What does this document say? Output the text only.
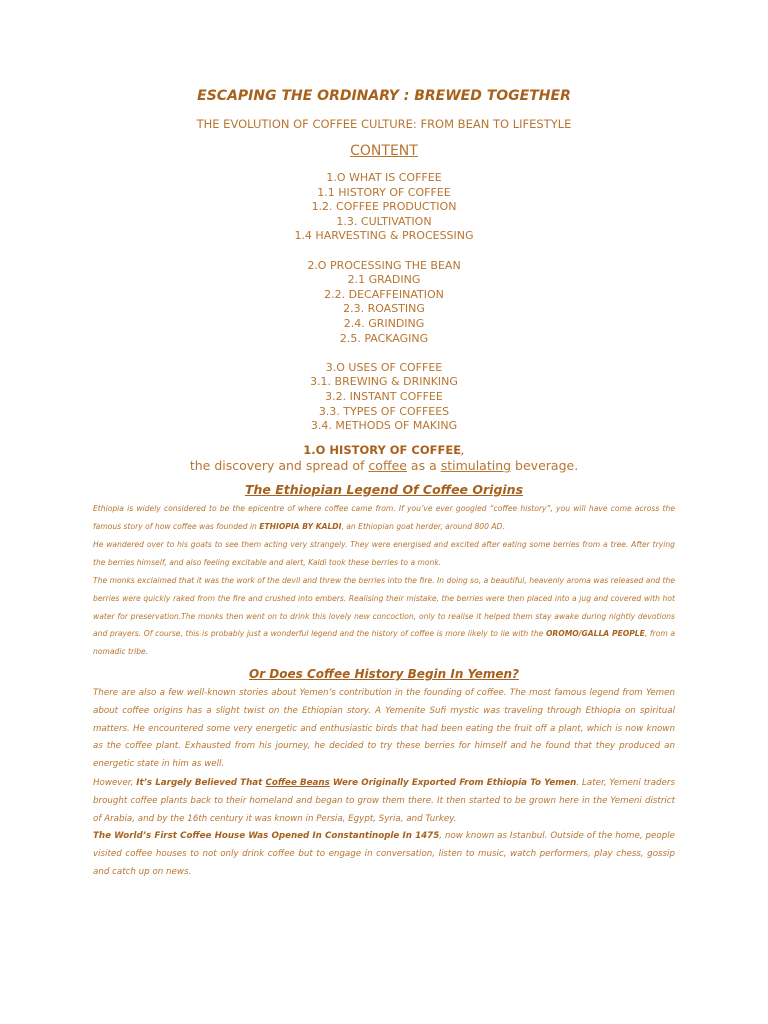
ESCAPING THE ORDINARY : BREWED TOGETHER
THE EVOLUTION OF COFFEE CULTURE: FROM BEAN TO LIFESTYLE
CONTENT
1.O WHAT IS COFFEE
1.1 HISTORY OF COFFEE
1.2. COFFEE PRODUCTION
1.3. CULTIVATION
1.4 HARVESTING & PROCESSING
2.O PROCESSING THE BEAN
2.1 GRADING
2.2. DECAFFEINATION
2.3. ROASTING
2.4. GRINDING
2.5. PACKAGING
3.O USES OF COFFEE
3.1. BREWING & DRINKING
3.2. INSTANT COFFEE
3.3. TYPES OF COFFEES
3.4. METHODS OF MAKING
1.O HISTORY OF COFFEE,
the discovery and spread of coffee as a stimulating beverage.
The Ethiopian Legend Of Coffee Origins
Ethiopia is widely considered to be the epicentre of where coffee came from. If you’ve ever googled “coffee history”, you will have come across the famous story of how coffee was founded in ETHIOPIA BY KALDI, an Ethiopian goat herder, around 800 AD.
He wandered over to his goats to see them acting very strangely. They were energised and excited after eating some berries from a tree. After trying the berries himself, and also feeling excitable and alert, Kaldi took these berries to a monk.
The monks exclaimed that it was the work of the devil and threw the berries into the fire. In doing so, a beautiful, heavenly aroma was released and the berries were quickly raked from the fire and crushed into embers. Realising their mistake, the berries were then placed into a jug and covered with hot water for preservation.The monks then went on to drink this lovely new concoction, only to realise it helped them stay awake during nightly devotions and prayers. Of course, this is probably just a wonderful legend and the history of coffee is more likely to lie with the OROMO/GALLA PEOPLE, from a nomadic tribe.
Or Does Coffee History Begin In Yemen?
There are also a few well-known stories about Yemen’s contribution in the founding of coffee. The most famous legend from Yemen about coffee origins has a slight twist on the Ethiopian story. A Yemenite Sufi mystic was traveling through Ethiopia on spiritual matters. He encountered some very energetic and enthusiastic birds that had been eating the fruit off a plant, which is now known as the coffee plant. Exhausted from his journey, he decided to try these berries for himself and he found that they produced an energetic state in him as well.
However, It’s Largely Believed That Coffee Beans Were Originally Exported From Ethiopia To Yemen. Later, Yemeni traders brought coffee plants back to their homeland and began to grow them there. It then started to be grown here in the Yemeni district of Arabia, and by the 16th century it was known in Persia, Egypt, Syria, and Turkey.
The World’s First Coffee House Was Opened In Constantinople In 1475, now known as Istanbul. Outside of the home, people visited coffee houses to not only drink coffee but to engage in conversation, listen to music, watch performers, play chess, gossip and catch up on news.
